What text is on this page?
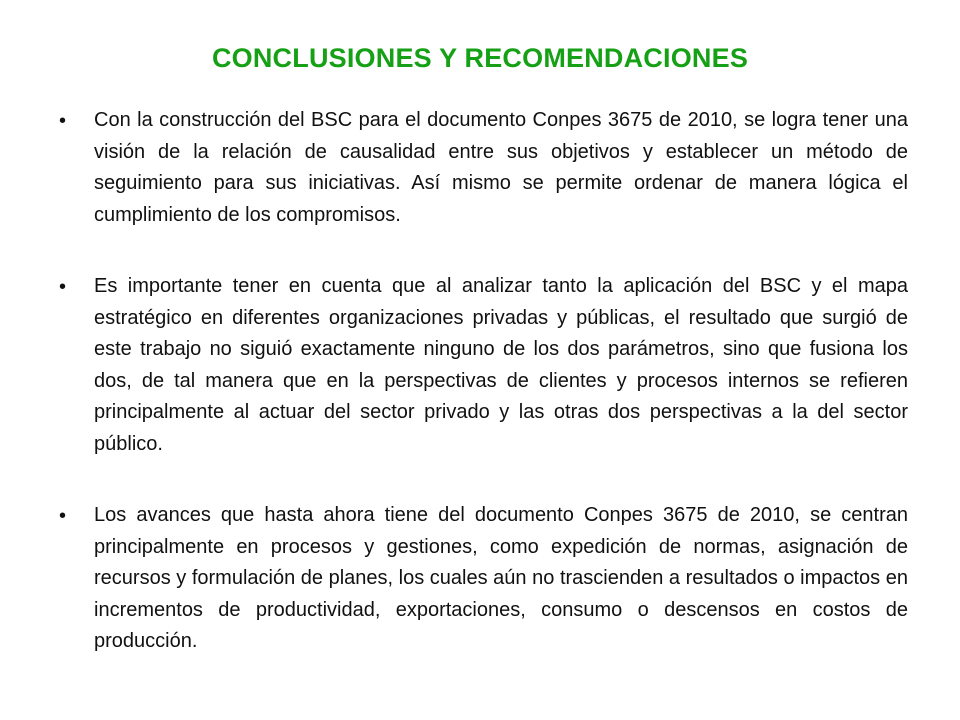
CONCLUSIONES Y RECOMENDACIONES
• Con la construcción del BSC para el documento Conpes 3675 de 2010, se logra tener una visión de la relación de causalidad entre sus objetivos y establecer un método de seguimiento para sus iniciativas. Así mismo se permite ordenar de manera lógica el cumplimiento de los compromisos.
• Es importante tener en cuenta que al analizar tanto la aplicación del BSC y el mapa estratégico en diferentes organizaciones privadas y públicas, el resultado que surgió de este trabajo no siguió exactamente ninguno de los dos parámetros, sino que fusiona los dos, de tal manera que en la perspectivas de clientes y procesos internos se refieren principalmente al actuar del sector privado y las otras dos perspectivas a la del sector público.
• Los avances que hasta ahora tiene del documento Conpes 3675 de 2010, se centran principalmente en procesos y gestiones, como expedición de normas, asignación de recursos y formulación de planes, los cuales aún no trascienden a resultados o impactos en incrementos de productividad, exportaciones, consumo o descensos en costos de producción.
